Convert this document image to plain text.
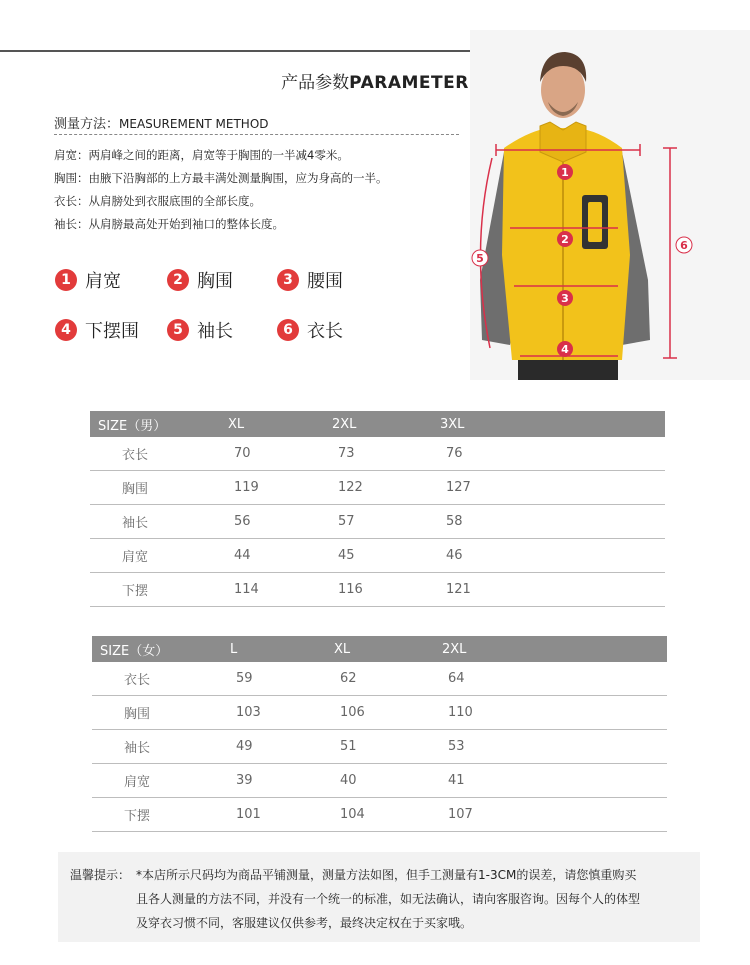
产品参数PARAMETER
测量方法：MEASUREMENT METHOD
肩宽：两肩峰之间的距离，肩宽等于胸围的一半减4零米。
胸围：由腋下沿胸部的上方最丰满处测量胸围，应为身高的一半。
衣长：从肩膀处到衣服底围的全部长度。
袖长：从肩膀最高处开始到袖口的整体长度。
1 肩宽	2 胸围	3 腰围
4 下摆围	5 袖长	6 衣长
1
2
3
4
5
6
SIZE（男）	XL	2XL	3XL
衣长	70	73	76
胸围	119	122	127
袖长	56	57	58
肩宽	44	45	46
下摆	114	116	121
SIZE（女）	L	XL	2XL
衣长	59	62	64
胸围	103	106	110
袖长	49	51	53
肩宽	39	40	41
下摆	101	104	107
温馨提示： *本店所示尺码均为商品平铺测量，测量方法如图，但手工测量有1-3CM的误差，请您慎重购买
且各人测量的方法不同，并没有一个统一的标准，如无法确认，请向客服咨询。因每个人的体型
及穿衣习惯不同，客服建议仅供参考，最终决定权在于买家哦。
